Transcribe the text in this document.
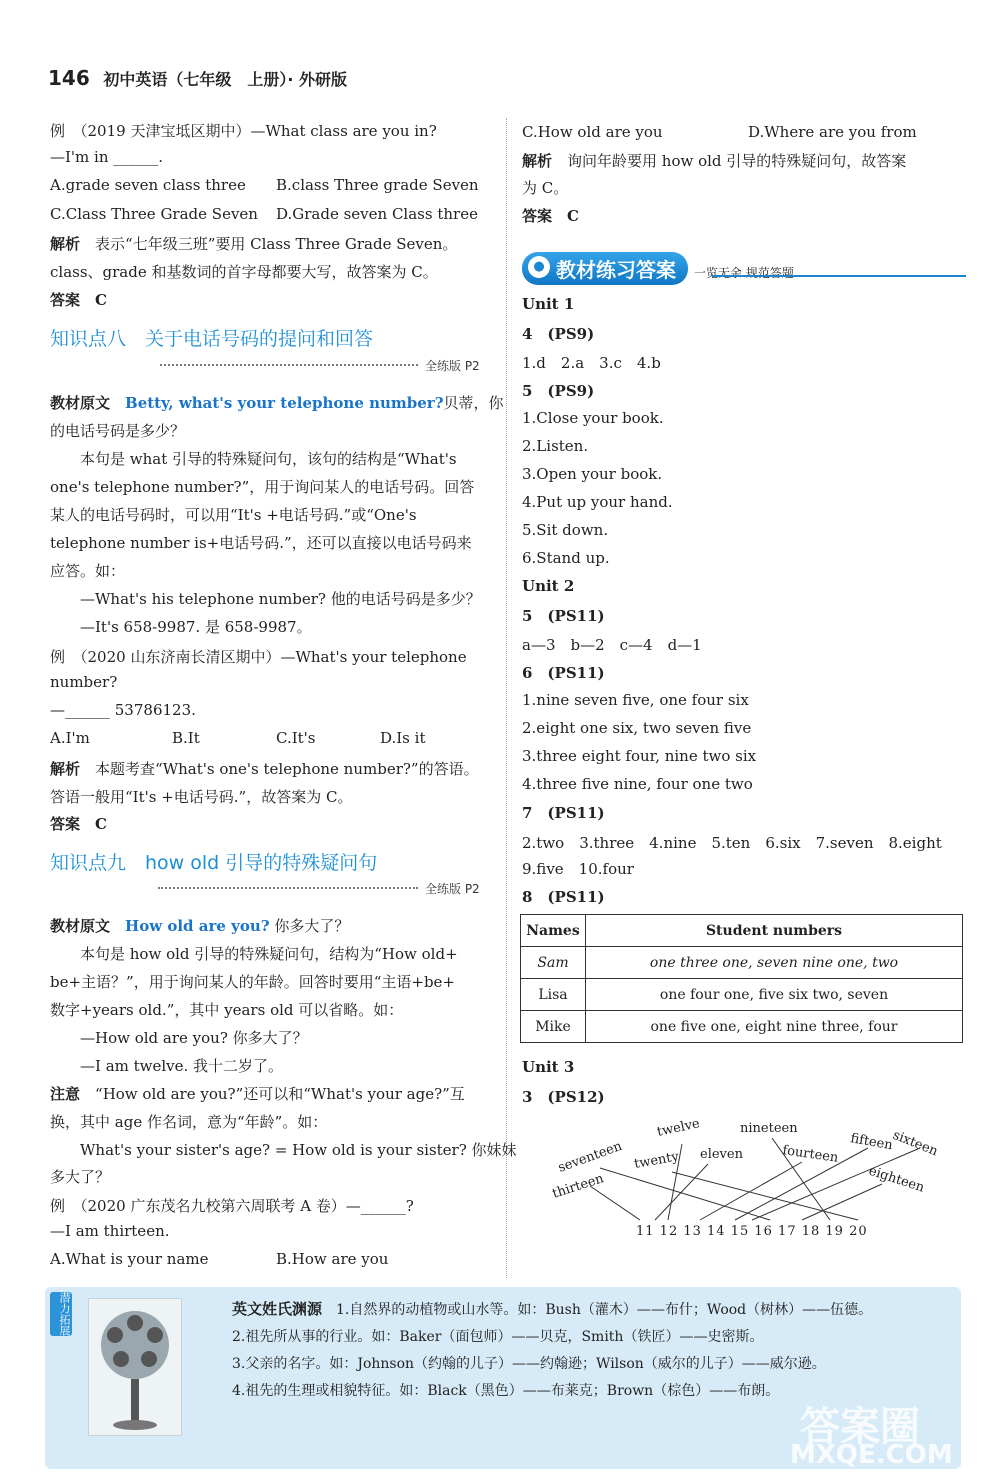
146 初中英语（七年级　上册）· 外研版
例　（2019 天津宝坻区期中）—What class are you in?
—I'm in ______.
A.grade seven class three B.class Three grade Seven
C.Class Three Grade Seven D.Grade seven Class three
解析　 表示“七年级三班”要用 Class Three Grade Seven。
class、grade 和基数词的首字母都要大写，故答案为 C。
答案　 C
知识点八　关于电话号码的提问和回答
全练版 P2
教材原文　 Betty, what's your telephone number?贝蒂，你
的电话号码是多少？
本句是 what 引导的特殊疑问句，该句的结构是“What's
one's telephone number?”，用于询问某人的电话号码。回答
某人的电话号码时，可以用“It's +电话号码.”或“One's
telephone number is+电话号码.”，还可以直接以电话号码来
应答。如：
—What's his telephone number? 他的电话号码是多少？
—It's 658-9987. 是 658-9987。
例　（2020 山东济南长清区期中）—What's your telephone
number?
—______ 53786123.
A.I'm	B.It	C.It's	D.Is it
解析　 本题考查“What's one's telephone number?”的答语。
答语一般用“It's +电话号码.”，故答案为 C。
答案　 C
知识点九　how old 引导的特殊疑问句
全练版 P2
教材原文　 How old are you? 你多大了？
本句是 how old 引导的特殊疑问句，结构为“How old+
be+主语？”，用于询问某人的年龄。回答时要用“主语+be+
数字+years old.”，其中 years old 可以省略。如：
—How old are you? 你多大了？
—I am twelve. 我十二岁了。
注意　 “How old are you?”还可以和“What's your age?”互
换，其中 age 作名词，意为“年龄”。如：
What's your sister's age? = How old is your sister? 你妹妹
多大了？
例　（2020 广东茂名九校第六周联考 A 卷）—______?
—I am thirteen.
A.What is your name	B.How are you
C.How old are you	D.Where are you from
解析　 询问年龄要用 how old 引导的特殊疑问句，故答案
为 C。
答案　 C
● 教材练习答案 一览无余 规范答题
Unit 1
4　(PS9)
1.d　2.a　3.c　4.b
5　(PS9)
1.Close your book.
2.Listen.
3.Open your book.
4.Put up your hand.
5.Sit down.
6.Stand up.
Unit 2
5　(PS11)
a—3　b—2　c—4　d—1
6　(PS11)
1.nine seven five, one four six
2.eight one six, two seven five
3.three eight four, nine two six
4.three five nine, four one two
7　(PS11)
2.two　3.three　4.nine　5.ten　6.six　7.seven　8.eight
9.five　10.four
8　(PS11)
Names	Student numbers
Sam	one three one, seven nine one, two
Lisa	one four one, five six two, seven
Mike	one five one, eight nine three, four
Unit 3
3　(PS12)
twelve	nineteen
seventeen twenty eleven
fifteen
sixteen
fourteen
thirteen	eighteen
11 12 13 14 15 16 17 18 19 20
潜力拓展	英文姓氏渊源　 1.自然界的动植物或山水等。如：Bush（灌木）——布什；Wood（树林）——伍德。
2.祖先所从事的行业。如：Baker（面包师）——贝克，Smith（铁匠）——史密斯。
3.父亲的名字。如：Johnson（约翰的儿子）——约翰逊；Wilson（威尔的儿子）——威尔逊。
4.祖先的生理或相貌特征。如：Black（黑色）——布莱克；Brown（棕色）——布朗。
答案圈
MXQE.COM
